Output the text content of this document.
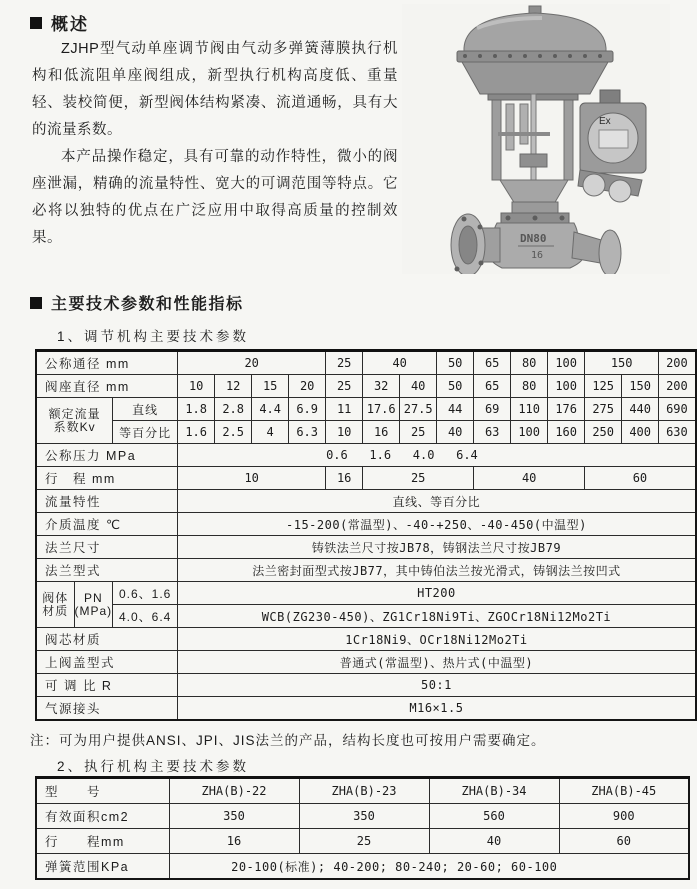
概述

ZJHP型气动单座调节阀由气动多弹簧薄膜执行机构和低流阻单座阀组成，新型执行机构高度低、重量轻、装校简便，新型阀体结构紧凑、流道通畅，具有大的流量系数。

本产品操作稳定，具有可靠的动作特性，微小的阀座泄漏，精确的流量特性、宽大的可调范围等特点。它必将以独特的优点在广泛应用中取得高质量的控制效果。

Ex
DN80
16
主要技术参数和性能指标
1、调节机构主要技术参数
公称通径 mm			20				25	40		50	65	80	100	150		200
阀座直径 mm			10	12	15	20	25	32	40	50	65	80	100	125	150	200

额定流量
系数Kv		直线	1.8	2.8	4.4	6.9	11	17.6	27.5	44	69	110	176	275	440	690
		等百分比	1.6	2.5	4	6.3	10	16	25	40	63	100	160	250	400	630
公称压力 MPa			0.6   1.6   4.0   6.4													
行　程 mm			10				16	25			40			60		
流量特性			直线、等百分比													
介质温度 ℃			-15-200(常温型)、-40-+250、-40-450(中温型)													
法兰尺寸			铸铁法兰尺寸按JB78，铸钢法兰尺寸按JB79													
法兰型式			法兰密封面型式按JB77，其中铸伯法兰按光滑式，铸钢法兰按凹式													

阀体
材质

PN
(MPa)
	0.6、1.6	HT200
		4.0、6.4	WCB(ZG230-450)、ZG1Cr18Ni9Ti、ZGOCr18Ni12Mo2Ti													
阀芯材质			1Cr18Ni9、OCr18Ni12Mo2Ti													
上阀盖型式			普通式(常温型)、热片式(中温型)													
可 调 比 R			50:1													
气源接头			M16×1.5													
注：可为用户提供ANSI、JPI、JIS法兰的产品，结构长度也可按用户需要确定。
2、执行机构主要技术参数
型　　号	ZHA(B)-22	ZHA(B)-23	ZHA(B)-34	ZHA(B)-45
有效面积cm2	350	350	560	900
行　　程mm	16	25	40	60
弹簧范围KPa	20-100(标准); 40-200; 80-240; 20-60; 60-100			
